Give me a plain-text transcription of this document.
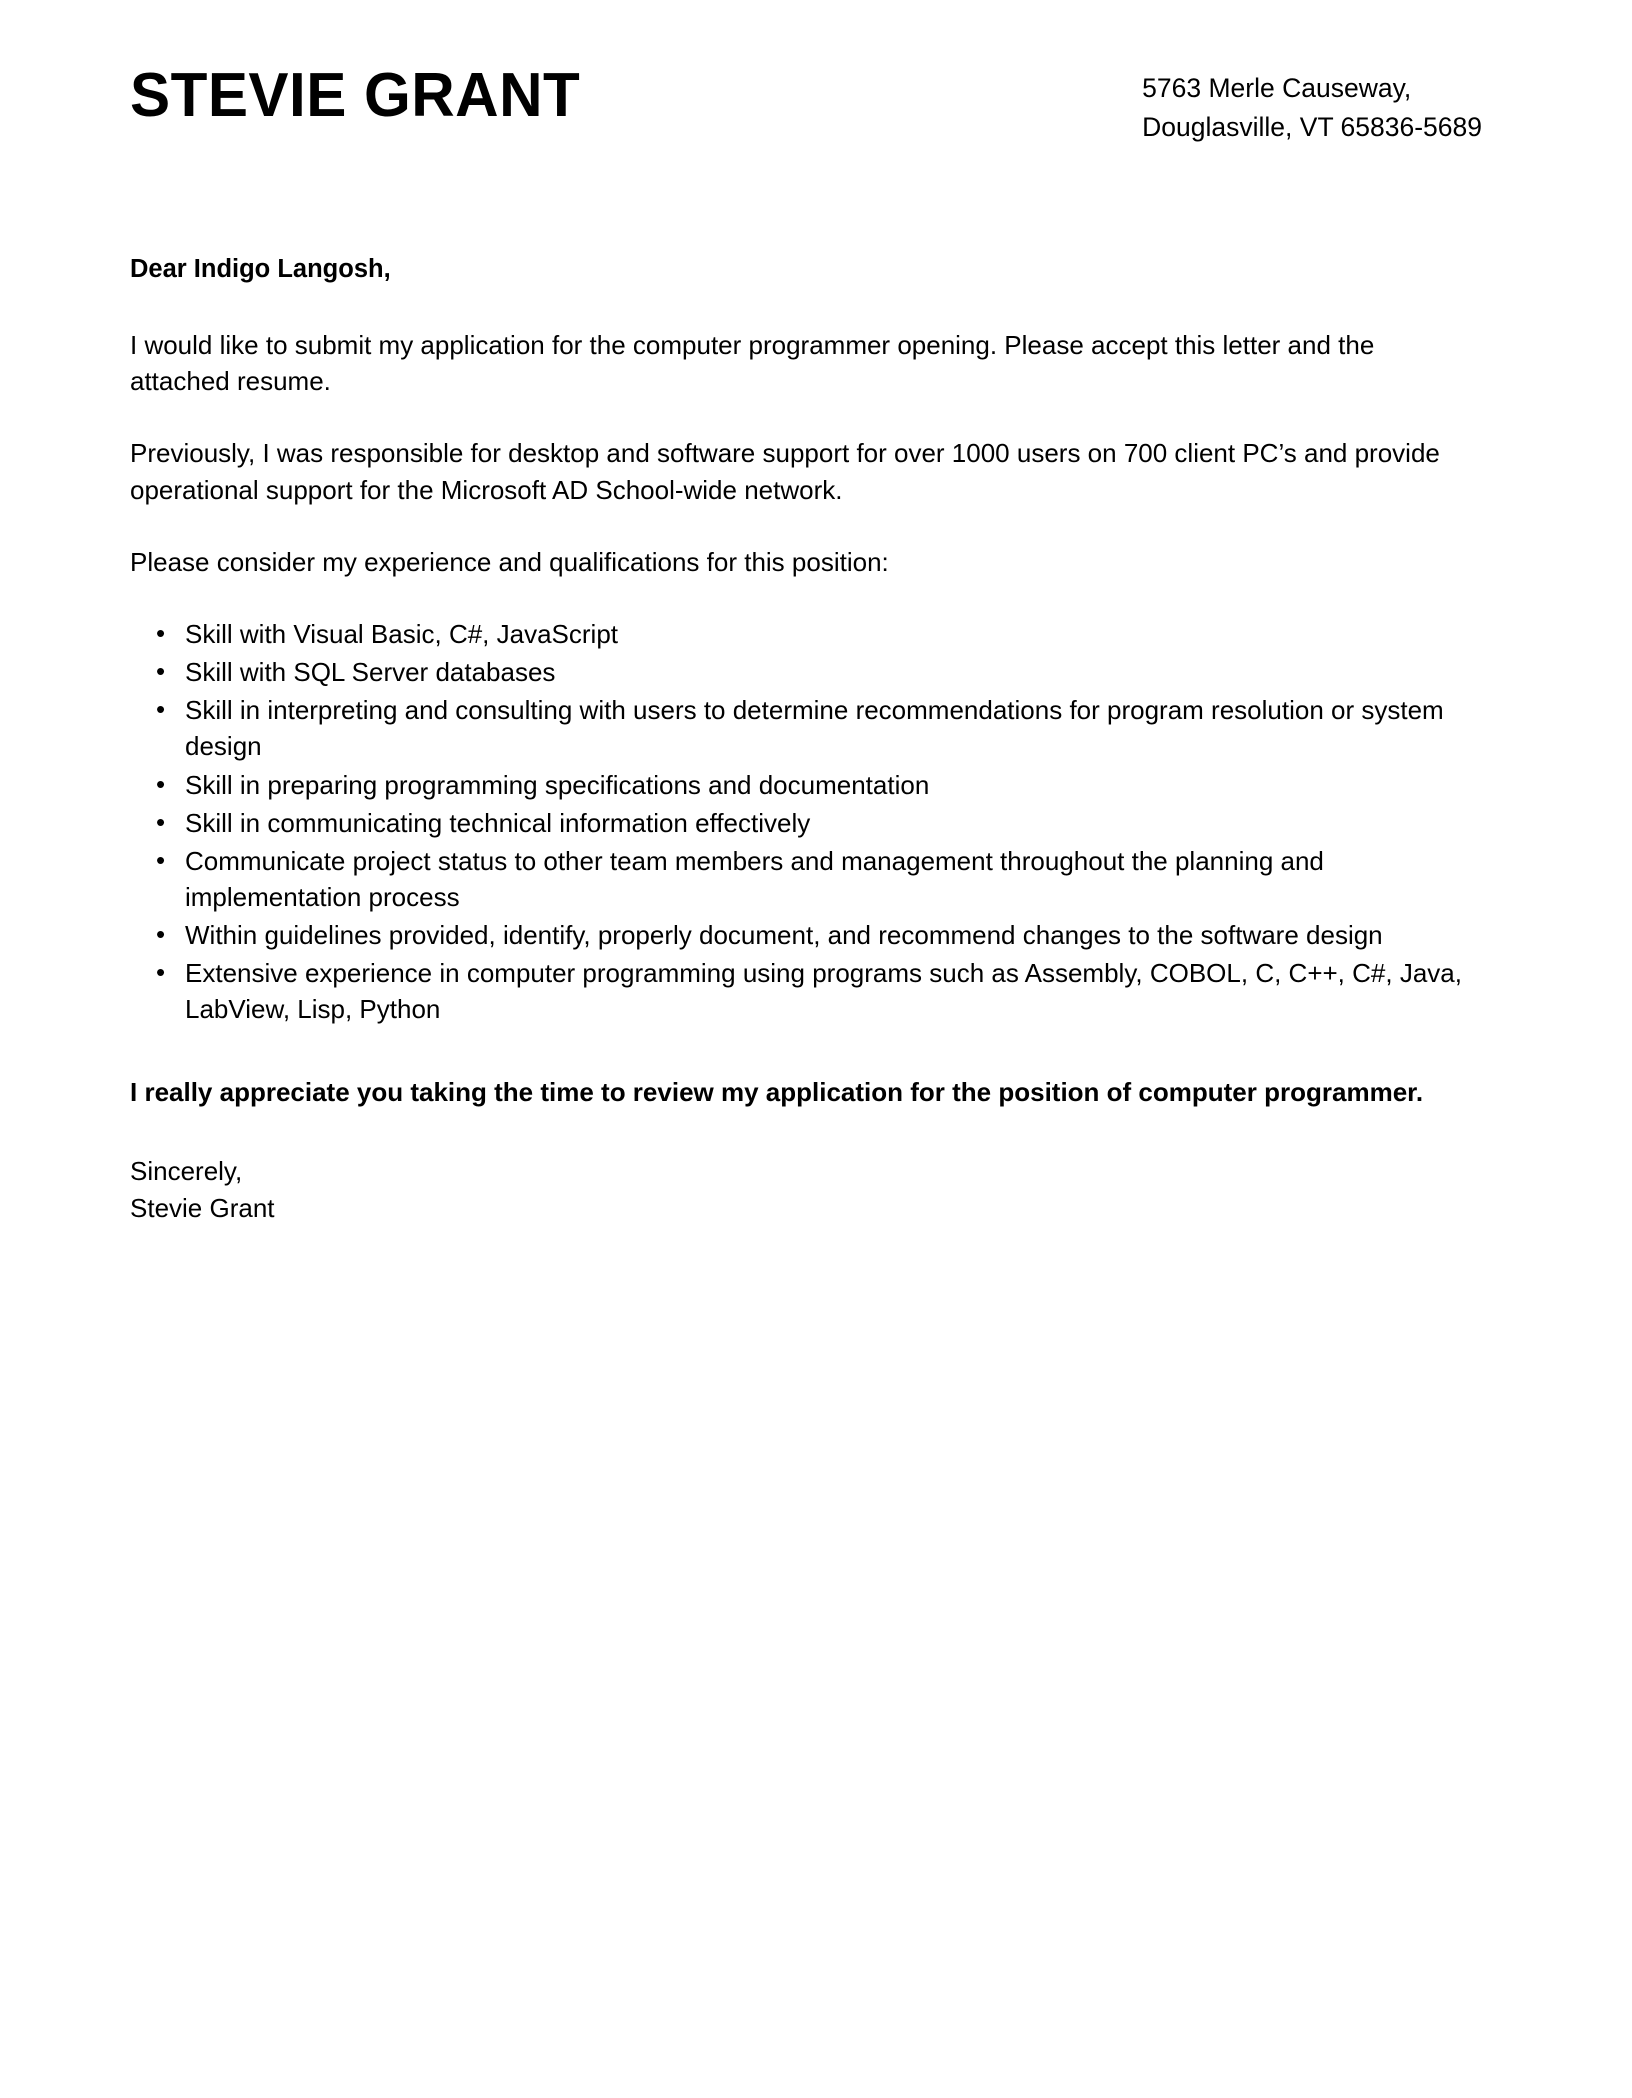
STEVIE GRANT	5763 Merle Causeway,
Douglasville, VT 65836-5689

Dear Indigo Langosh,

I would like to submit my application for the computer programmer opening. Please accept this letter and the attached resume.

Previously, I was responsible for desktop and software support for over 1000 users on 700 client PC’s and provide operational support for the Microsoft AD School-wide network.

Please consider my experience and qualifications for this position:

• Skill with Visual Basic, C#, JavaScript
• Skill with SQL Server databases
• Skill in interpreting and consulting with users to determine recommendations for program resolution or system design
• Skill in preparing programming specifications and documentation
• Skill in communicating technical information effectively
• Communicate project status to other team members and management throughout the planning and implementation process
• Within guidelines provided, identify, properly document, and recommend changes to the software design
• Extensive experience in computer programming using programs such as Assembly, COBOL, C, C++, C#, Java, LabView, Lisp, Python

I really appreciate you taking the time to review my application for the position of computer programmer.

Sincerely,
Stevie Grant
